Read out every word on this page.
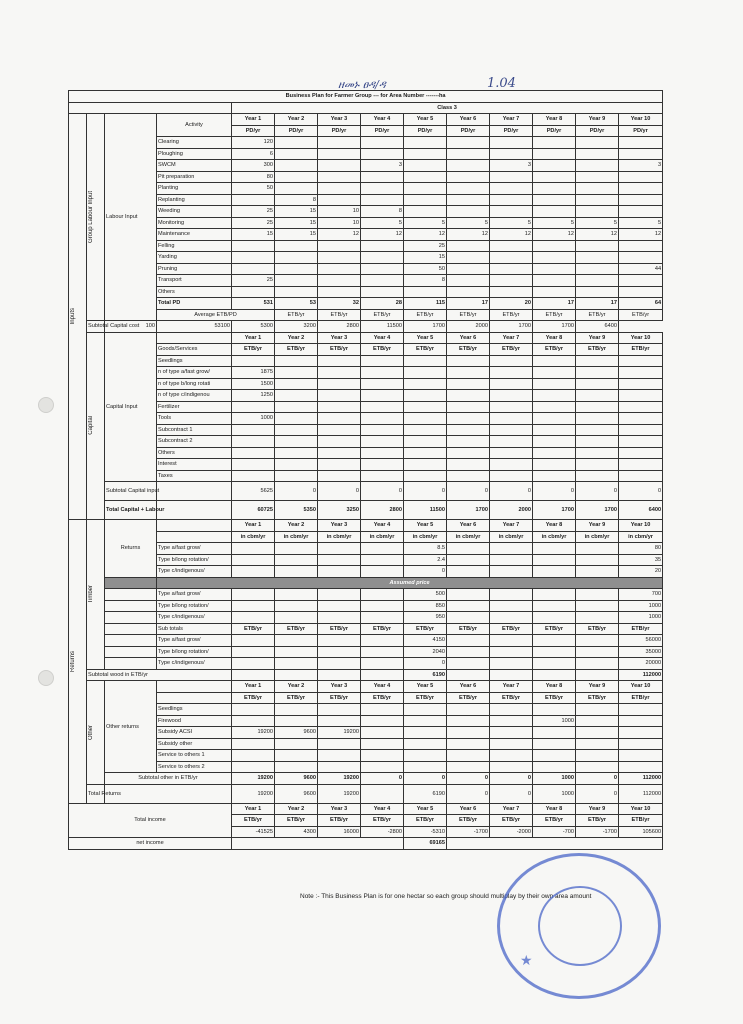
ዘመኑ ፀዳ/ዳ	1.04
Business Plan for Farmer Group --- for Area Number -------ha														
				Class 3										

Inputs	Group Labour Input	Labour Input	Activity	Year 1	Year 2	Year 3	Year 4	Year 5	Year 6	Year 7	Year 8	Year 9	Year 10	
				PD/yr	PD/yr	PD/yr	PD/yr	PD/yr	PD/yr	PD/yr	PD/yr	PD/yr	PD/yr	
			Clearing	120										
			Ploughing	6										
			SWCM	300			3			3			3	
			Pit preparation	80										
			Planting	50										
			Replanting		8									
			Weeding	25	15	10	8							
			Monitoring	25	15	10	5	5	5	5	5	5	5	
			Maintenance	15	15	12	12	12	12	12	12	12	12	
			Felling					25						
			Yarding					15						
			Pruning					50					44	
			Transport	25				8						
			Others											
			Total PD	531	53	32	28	115	17	20	17	17	64	
			Average ETB/PD		ETB/yr	ETB/yr	ETB/yr	ETB/yr	ETB/yr	ETB/yr	ETB/yr	ETB/yr	ETB/yr	
	Subtotal Capital cost	100	53100	5300	3200	2800	11500	1700	2000	1700	1700	6400		

	Capital	Capital Input		Year 1	Year 2	Year 3	Year 4	Year 5	Year 6	Year 7	Year 8	Year 9	Year 10	
			Goods/Services	ETB/yr	ETB/yr	ETB/yr	ETB/yr	ETB/yr	ETB/yr	ETB/yr	ETB/yr	ETB/yr	ETB/yr	
			Seedlings											
			n of type a/fast grow/	1875										
			n of type b/long rotati	1500										
			n of type c/indigenou	1250										
			Fertilizer											
			Tools	1000										
			Subcontract 1											
			Subcontract 2											
			Others											
			Interest											
			Taxes											
		Subtotal Capital input		5625	0	0	0	0	0	0	0	0	0	
		Total Capital + Labour		60725	5350	3250	2800	11500	1700	2000	1700	1700	6400	

Returns	Timber	Returns		Year 1	Year 2	Year 3	Year 4	Year 5	Year 6	Year 7	Year 8	Year 9	Year 10	
				in cbm/yr	in cbm/yr	in cbm/yr	in cbm/yr	in cbm/yr	in cbm/yr	in cbm/yr	in cbm/yr	in cbm/yr	in cbm/yr	
			Type a/fast grow/					8.5					80	
			Type b/long rotation/					2.4					35	
			Type c/indigenous/					0					20	
			Assumed price											
			Type a/fast grow/					500					700	
			Type b/long rotation/					850					1000	
			Type c/indigenous/					950					1000	
			Sub totals	ETB/yr	ETB/yr	ETB/yr	ETB/yr	ETB/yr	ETB/yr	ETB/yr	ETB/yr	ETB/yr	ETB/yr	
			Type a/fast grow/					4150					56000	
			Type b/long rotation/					2040					35000	
			Type c/indigenous/					0					20000	
	Subtotal wood in ETB/yr							6190					112000	

	Other	Other returns		Year 1	Year 2	Year 3	Year 4	Year 5	Year 6	Year 7	Year 8	Year 9	Year 10	
				ETB/yr	ETB/yr	ETB/yr	ETB/yr	ETB/yr	ETB/yr	ETB/yr	ETB/yr	ETB/yr	ETB/yr	
			Seedlings											
			Firewood								1000			
			Subsidy ACSI	19200	9600	19200								
			Subsidy other											
			Service to others 1											
			Service to others 2											
		Subtotal other in ETB/yr		19200	9600	19200	0	0	0	0	1000	0	112000	
	Total Returns			19200	9600	19200		6190	0	0	1000	0	112000	
Total income				Year 1	Year 2	Year 3	Year 4	Year 5	Year 6	Year 7	Year 8	Year 9	Year 10	
				ETB/yr	ETB/yr	ETB/yr	ETB/yr	ETB/yr	ETB/yr	ETB/yr	ETB/yr	ETB/yr	ETB/yr	
				-41525	4300	16000	-2800	-5310	-1700	-2000	-700	-1700	105600	
net income								69165						
Note :- This Business Plan is for one hectar so each group should multiplay by their own area amount
★
